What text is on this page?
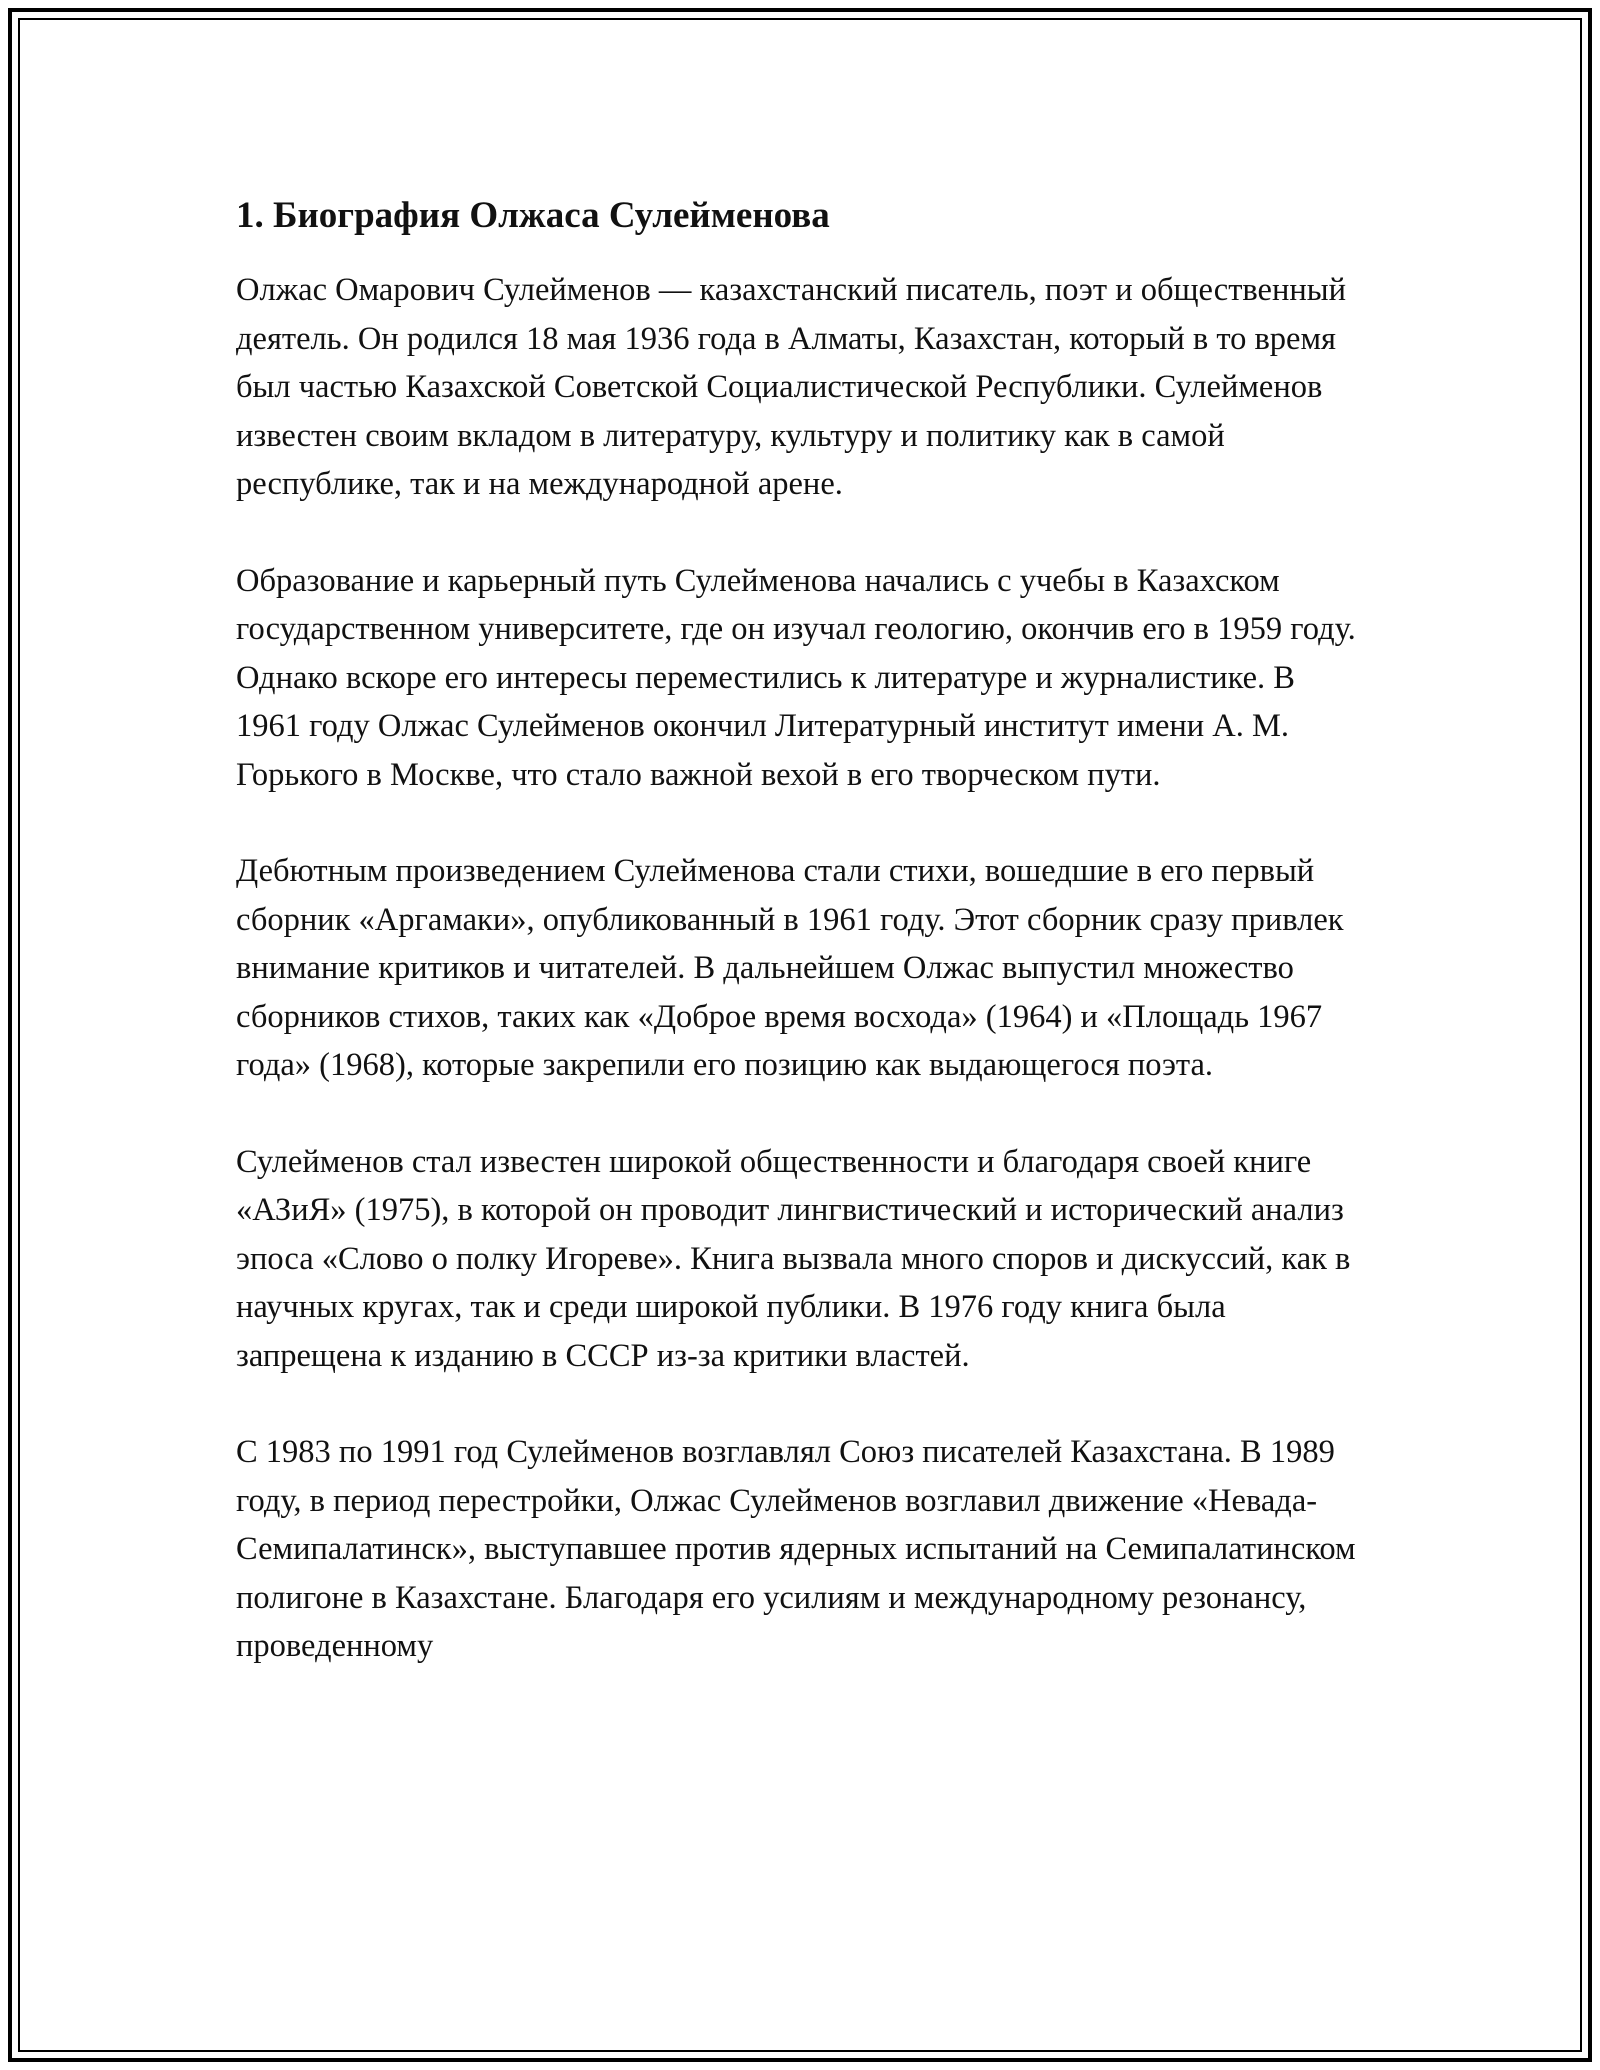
1. Биография Олжаса Сулейменова

Олжас Омарович Сулейменов — казахстанский писатель, поэт и общественный деятель. Он родился 18 мая 1936 года в Алматы, Казахстан, который в то время был частью Казахской Советской Социалистической Республики. Сулейменов известен своим вкладом в литературу, культуру и политику как в самой республике, так и на международной арене.

Образование и карьерный путь Сулейменова начались с учебы в Казахском государственном университете, где он изучал геологию, окончив его в 1959 году. Однако вскоре его интересы переместились к литературе и журналистике. В 1961 году Олжас Сулейменов окончил Литературный институт имени А. М. Горького в Москве, что стало важной вехой в его творческом пути.

Дебютным произведением Сулейменова стали стихи, вошедшие в его первый сборник «Аргамаки», опубликованный в 1961 году. Этот сборник сразу привлек внимание критиков и читателей. В дальнейшем Олжас выпустил множество сборников стихов, таких как «Доброе время восхода» (1964) и «Площадь 1967 года» (1968), которые закрепили его позицию как выдающегося поэта.

Сулейменов стал известен широкой общественности и благодаря своей книге «АЗиЯ» (1975), в которой он проводит лингвистический и исторический анализ эпоса «Слово о полку Игореве». Книга вызвала много споров и дискуссий, как в научных кругах, так и среди широкой публики. В 1976 году книга была запрещена к изданию в СССР из-за критики властей.

С 1983 по 1991 год Сулейменов возглавлял Союз писателей Казахстана. В 1989 году, в период перестройки, Олжас Сулейменов возглавил движение «Невада-Семипалатинск», выступавшее против ядерных испытаний на Семипалатинском полигоне в Казахстане. Благодаря его усилиям и международному резонансу, проведенному
